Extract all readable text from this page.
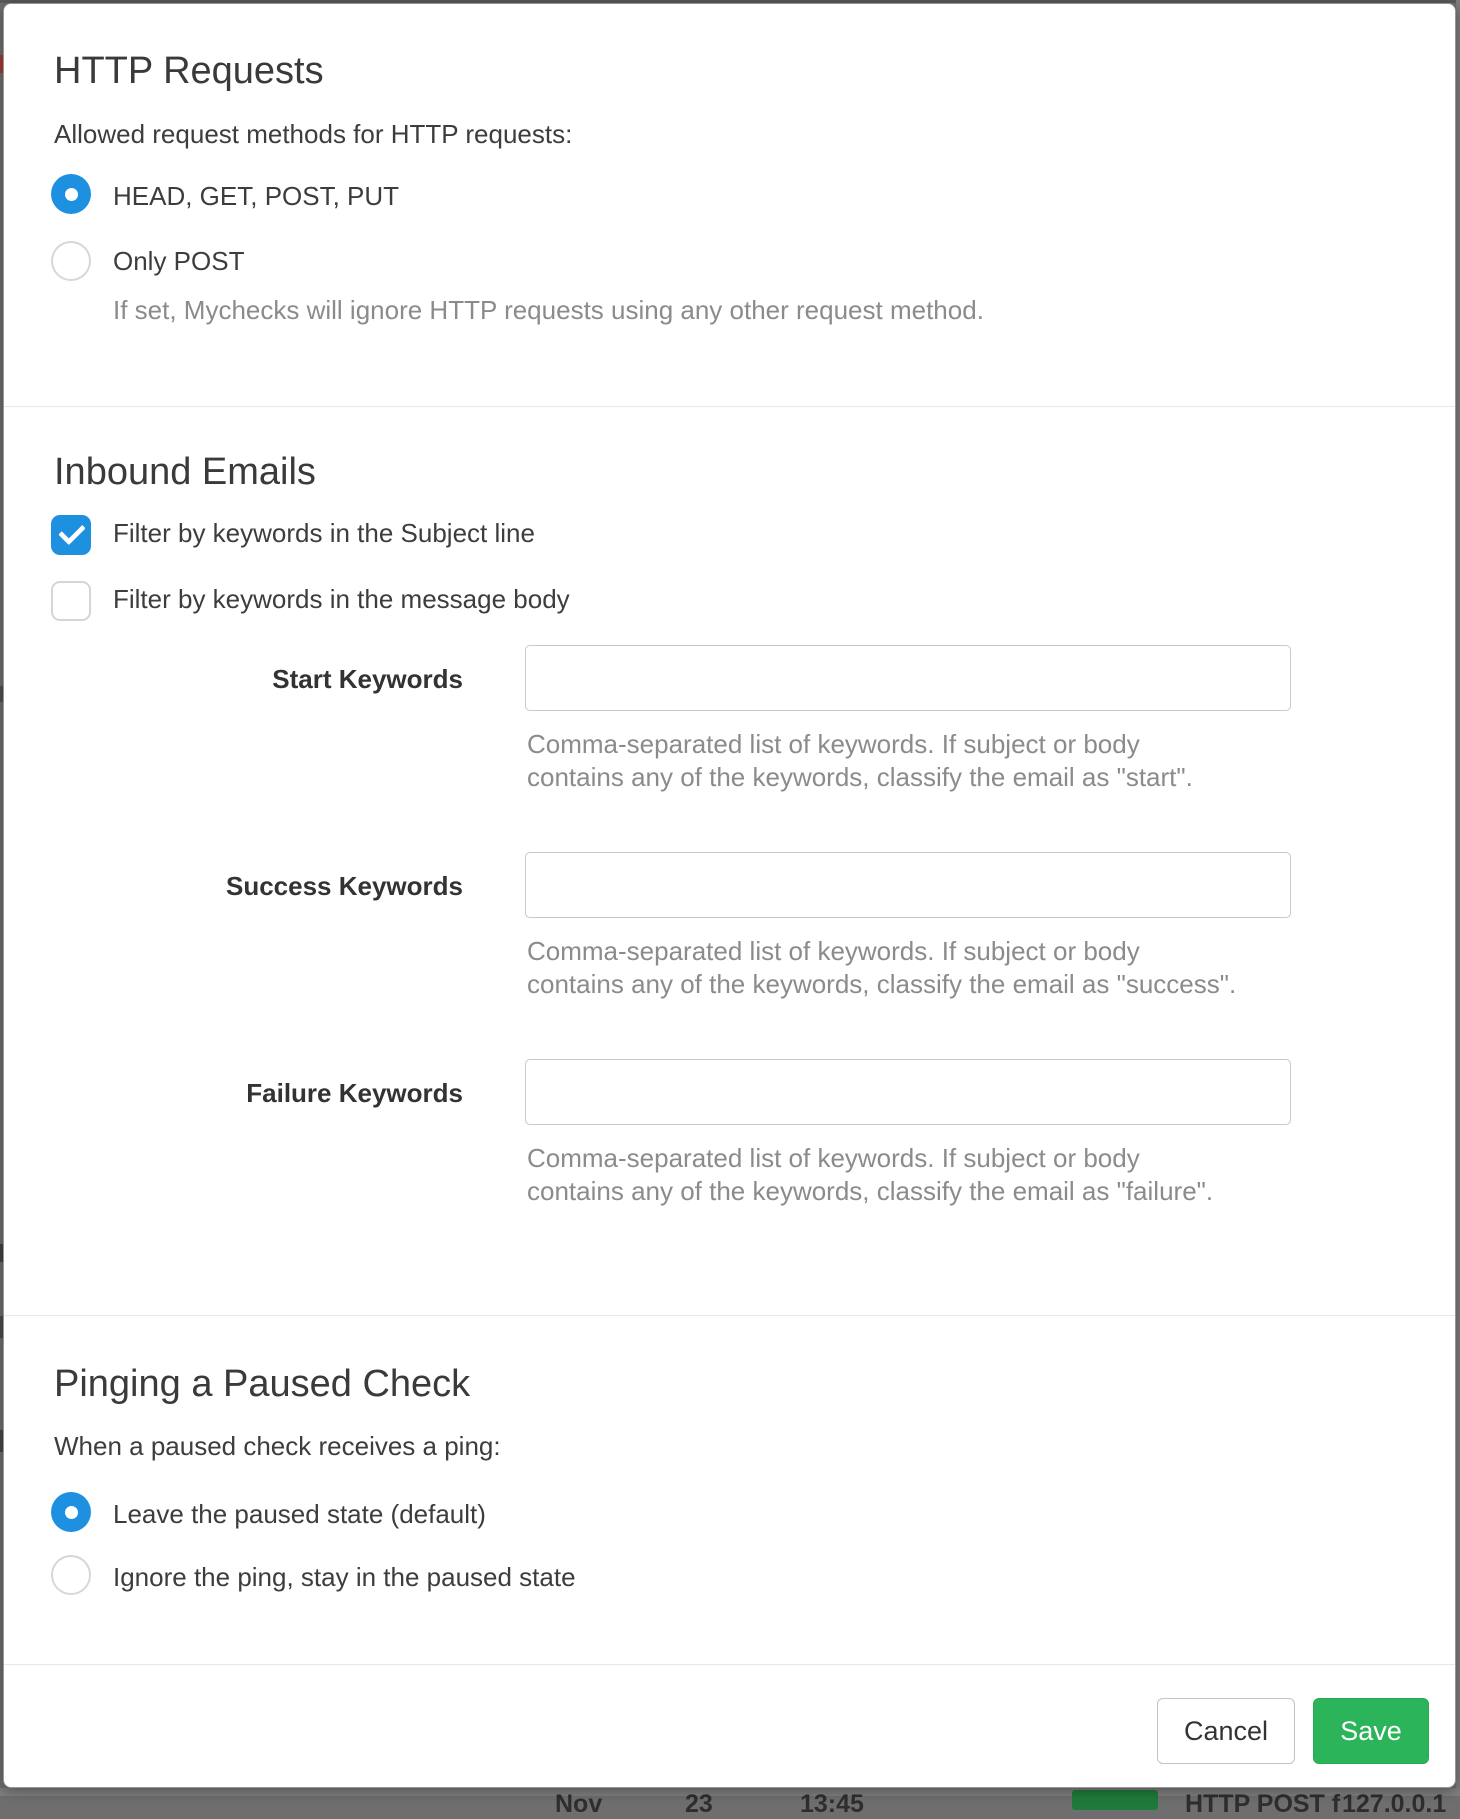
Nov	23	13:45	HTTP POST f 127.0.0.1
HTTP Requests
Allowed request methods for HTTP requests:
HEAD, GET, POST, PUT
Only POST
If set, Mychecks will ignore HTTP requests using any other request method.
Inbound Emails
Filter by keywords in the Subject line
Filter by keywords in the message body
Start Keywords
Comma-separated list of keywords. If subject or body
contains any of the keywords, classify the email as "start".
Success Keywords
Comma-separated list of keywords. If subject or body
contains any of the keywords, classify the email as "success".
Failure Keywords
Comma-separated list of keywords. If subject or body
contains any of the keywords, classify the email as "failure".
Pinging a Paused Check
When a paused check receives a ping:
Leave the paused state (default)
Ignore the ping, stay in the paused state
Cancel	Save
